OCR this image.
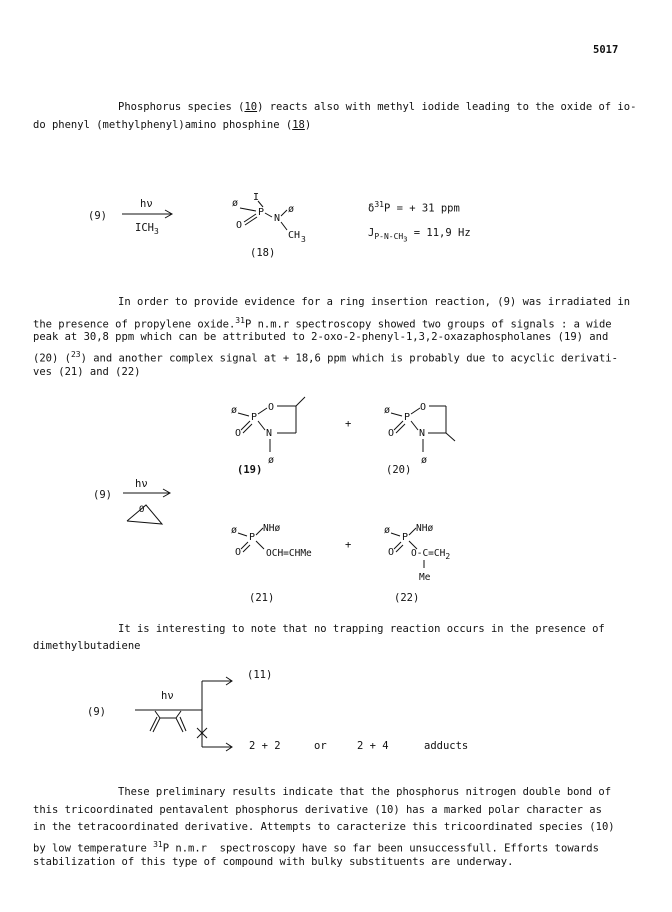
5017
Phosphorus species (10) reacts also with methyl iodide leading to the oxide of io-
do phenyl (methylphenyl)amino phosphine (18)
(9)
hν
$ICH_3$
(18)
$\delta^{31}P$ = + 31 ppm
$J_{P-N-CH_3} = 11,9$ Hz
In order to provide evidence for a ring insertion reaction, (9) was irradiated in
the presence of propylene oxide.$^{31}$P n.m.r spectroscopy showed two groups of signals : a wide
peak at 30,8 ppm which can be attributed to 2-oxo-2-phenyl-1,3,2-oxazaphospholanes (19) and
(20) ($^{23}$) and another complex signal at + 18,6 ppm which is probably due to acyclic derivati-
ves (21) and (22)
(9)
hν
(19)	(20)
+
+
OCH=CHMe	$O-C=CH_2$
Me
(21)	(22)
It is interesting to note that no trapping reaction occurs in the presence of
dimethylbutadiene
(9)
hν
(11)
2 + 2	or	2 + 4	adducts
These preliminary results indicate that the phosphorus nitrogen double bond of
this tricoordinated pentavalent phosphorus derivative (10) has a marked polar character as
in the tetracoordinated derivative. Attempts to caracterize this tricoordinated species (10)
by low temperature $^{31}$P n.m.r  spectroscopy have so far been unsuccessfull. Efforts towards
stabilization of this type of compound with bulky substituents are underway.
ø
I
P
O
N
ø
CH 3
O
ø
P
O
O
N
ø
ø
P
O
O
N
ø
ø
P
O
NHø	ø
P
O
NHø
